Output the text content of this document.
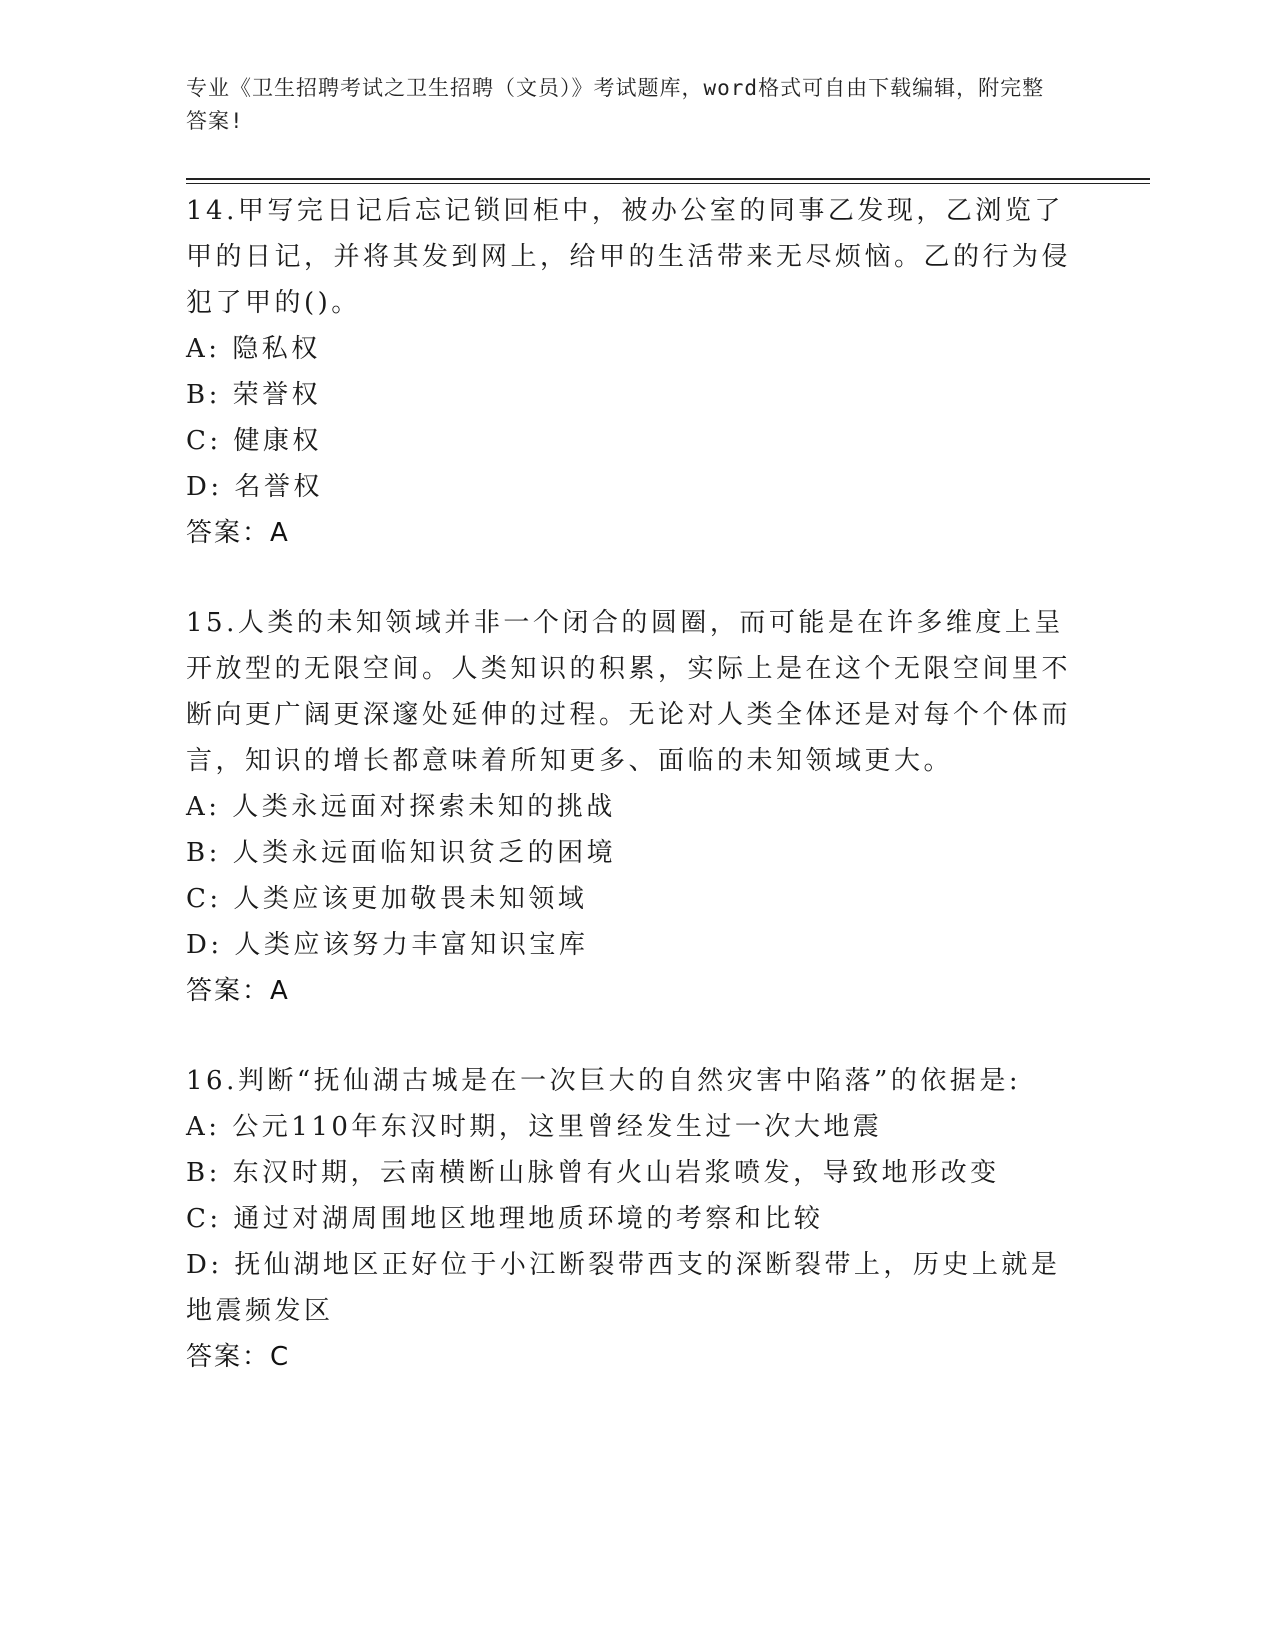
专业《卫生招聘考试之卫生招聘（文员）》考试题库，word格式可自由下载编辑，附完整答案!
14.甲写完日记后忘记锁回柜中，被办公室的同事乙发现，乙浏览了甲的日记，并将其发到网上，给甲的生活带来无尽烦恼。乙的行为侵犯了甲的()。
A: 隐私权
B: 荣誉权
C: 健康权
D: 名誉权
答案：A
15.人类的未知领域并非一个闭合的圆圈，而可能是在许多维度上呈开放型的无限空间。人类知识的积累，实际上是在这个无限空间里不断向更广阔更深邃处延伸的过程。无论对人类全体还是对每个个体而言，知识的增长都意味着所知更多、面临的未知领域更大。
A: 人类永远面对探索未知的挑战
B: 人类永远面临知识贫乏的困境
C: 人类应该更加敬畏未知领域
D: 人类应该努力丰富知识宝库
答案：A
16.判断“抚仙湖古城是在一次巨大的自然灾害中陷落”的依据是:
A: 公元110年东汉时期，这里曾经发生过一次大地震
B: 东汉时期，云南横断山脉曾有火山岩浆喷发，导致地形改变
C: 通过对湖周围地区地理地质环境的考察和比较
D: 抚仙湖地区正好位于小江断裂带西支的深断裂带上，历史上就是地震频发区
答案：C
